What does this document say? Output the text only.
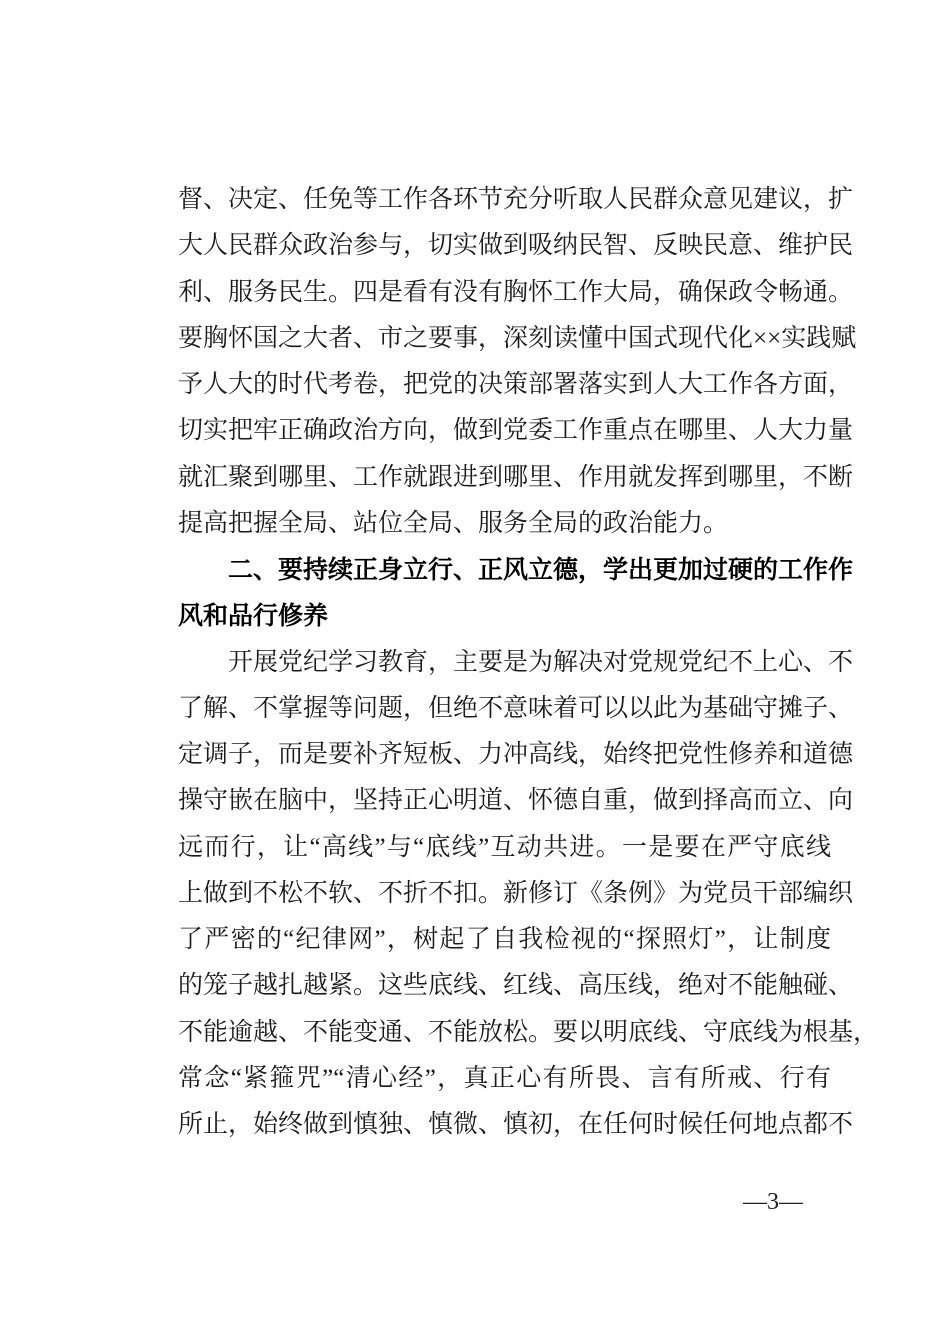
督、决定、任免等工作各环节充分听取人民群众意见建议，扩
大人民群众政治参与，切实做到吸纳民智、反映民意、维护民
利、服务民生。四是看有没有胸怀工作大局，确保政令畅通。
要胸怀国之大者、市之要事，深刻读懂中国式现代化××实践赋
予人大的时代考卷，把党的决策部署落实到人大工作各方面，
切实把牢正确政治方向，做到党委工作重点在哪里、人大力量
就汇聚到哪里、工作就跟进到哪里、作用就发挥到哪里，不断
提高把握全局、站位全局、服务全局的政治能力。
　　二、要持续正身立行、正风立德，学出更加过硬的工作作
风和品行修养
　　开展党纪学习教育，主要是为解决对党规党纪不上心、不
了解、不掌握等问题，但绝不意味着可以以此为基础守摊子、
定调子，而是要补齐短板、力冲高线，始终把党性修养和道德
操守嵌在脑中，坚持正心明道、怀德自重，做到择高而立、向
远而行，让“高线”与“底线”互动共进。一是要在严守底线
上做到不松不软、不折不扣。新修订《条例》为党员干部编织
了严密的“纪律网”，树起了自我检视的“探照灯”，让制度
的笼子越扎越紧。这些底线、红线、高压线，绝对不能触碰、
不能逾越、不能变通、不能放松。要以明底线、守底线为根基，
常念“紧箍咒”“清心经”，真正心有所畏、言有所戒、行有
所止，始终做到慎独、慎微、慎初，在任何时候任何地点都不
—3—
